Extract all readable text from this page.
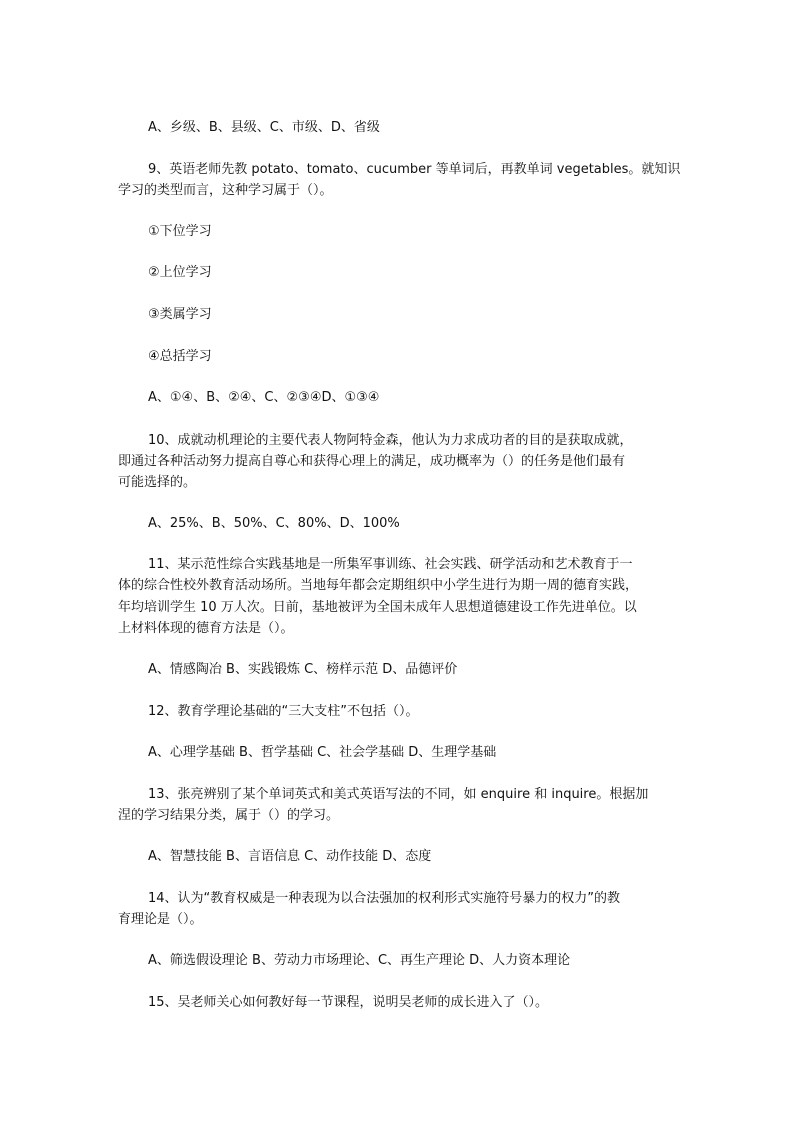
A、乡级、B、县级、C、市级、D、省级
9、英语老师先教 potato、tomato、cucumber 等单词后，再教单词 vegetables。就知识
学习的类型而言，这种学习属于（）。
①下位学习
②上位学习
③类属学习
④总括学习
A、①④、B、②④、C、②③④D、①③④
10、成就动机理论的主要代表人物阿特金森，他认为力求成功者的目的是获取成就，
即通过各种活动努力提高自尊心和获得心理上的满足，成功概率为（）的任务是他们最有
可能选择的。
A、25%、B、50%、C、80%、D、100%
11、某示范性综合实践基地是一所集军事训练、社会实践、研学活动和艺术教育于一
体的综合性校外教育活动场所。当地每年都会定期组织中小学生进行为期一周的德育实践，
年均培训学生 10 万人次。日前，基地被评为全国未成年人思想道德建设工作先进单位。以
上材料体现的德育方法是（）。
A、情感陶冶 B、实践锻炼 C、榜样示范 D、品德评价
12、教育学理论基础的“三大支柱”不包括（）。
A、心理学基础 B、哲学基础 C、社会学基础 D、生理学基础
13、张亮辨别了某个单词英式和美式英语写法的不同，如 enquire 和 inquire。根据加
涅的学习结果分类，属于（）的学习。
A、智慧技能 B、言语信息 C、动作技能 D、态度
14、认为“教育权威是一种表现为以合法强加的权利形式实施符号暴力的权力”的教
育理论是（）。
A、筛选假设理论 B、劳动力市场理论、C、再生产理论 D、人力资本理论
15、吴老师关心如何教好每一节课程，说明吴老师的成长进入了（）。
